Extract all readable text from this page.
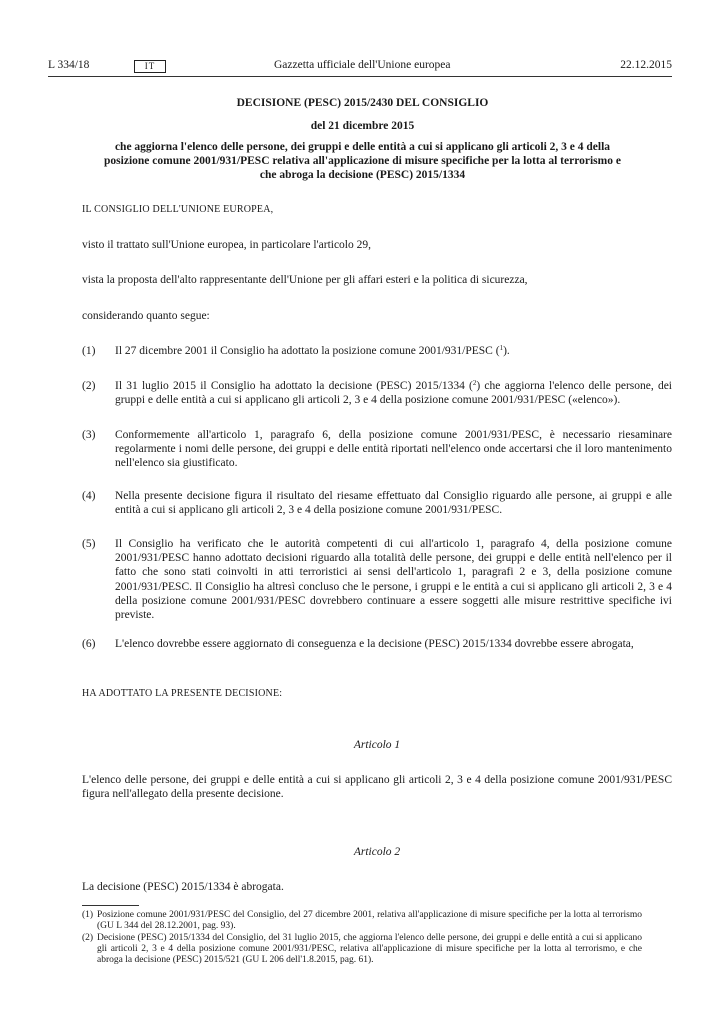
L 334/18	IT	Gazzetta ufficiale dell'Unione europea	22.12.2015
DECISIONE (PESC) 2015/2430 DEL CONSIGLIO
del 21 dicembre 2015
che aggiorna l'elenco delle persone, dei gruppi e delle entità a cui si applicano gli articoli 2, 3 e 4 della posizione comune 2001/931/PESC relativa all'applicazione di misure specifiche per la lotta al terrorismo e che abroga la decisione (PESC) 2015/1334
IL CONSIGLIO DELL'UNIONE EUROPEA,
visto il trattato sull'Unione europea, in particolare l'articolo 29,
vista la proposta dell'alto rappresentante dell'Unione per gli affari esteri e la politica di sicurezza,
considerando quanto segue:
(1) Il 27 dicembre 2001 il Consiglio ha adottato la posizione comune 2001/931/PESC ($^1$).
(2) Il 31 luglio 2015 il Consiglio ha adottato la decisione (PESC) 2015/1334 ($^2$) che aggiorna l'elenco delle persone, dei gruppi e delle entità a cui si applicano gli articoli 2, 3 e 4 della posizione comune 2001/931/PESC («elenco»).
(3) Conformemente all'articolo 1, paragrafo 6, della posizione comune 2001/931/PESC, è necessario riesaminare regolarmente i nomi delle persone, dei gruppi e delle entità riportati nell'elenco onde accertarsi che il loro mantenimento nell'elenco sia giustificato.
(4) Nella presente decisione figura il risultato del riesame effettuato dal Consiglio riguardo alle persone, ai gruppi e alle entità a cui si applicano gli articoli 2, 3 e 4 della posizione comune 2001/931/PESC.
(5) Il Consiglio ha verificato che le autorità competenti di cui all'articolo 1, paragrafo 4, della posizione comune 2001/931/PESC hanno adottato decisioni riguardo alla totalità delle persone, dei gruppi e delle entità nell'elenco per il fatto che sono stati coinvolti in atti terroristici ai sensi dell'articolo 1, paragrafi 2 e 3, della posizione comune 2001/931/PESC. Il Consiglio ha altresì concluso che le persone, i gruppi e le entità a cui si applicano gli articoli 2, 3 e 4 della posizione comune 2001/931/PESC dovrebbero continuare a essere soggetti alle misure restrittive specifiche ivi previste.
(6) L'elenco dovrebbe essere aggiornato di conseguenza e la decisione (PESC) 2015/1334 dovrebbe essere abrogata,
HA ADOTTATO LA PRESENTE DECISIONE:
Articolo 1
L'elenco delle persone, dei gruppi e delle entità a cui si applicano gli articoli 2, 3 e 4 della posizione comune 2001/931/PESC figura nell'allegato della presente decisione.
Articolo 2
La decisione (PESC) 2015/1334 è abrogata.
(1) Posizione comune 2001/931/PESC del Consiglio, del 27 dicembre 2001, relativa all'applicazione di misure specifiche per la lotta al terrorismo (GU L 344 del 28.12.2001, pag. 93).
(2) Decisione (PESC) 2015/1334 del Consiglio, del 31 luglio 2015, che aggiorna l'elenco delle persone, dei gruppi e delle entità a cui si applicano gli articoli 2, 3 e 4 della posizione comune 2001/931/PESC, relativa all'applicazione di misure specifiche per la lotta al terrorismo, e che abroga la decisione (PESC) 2015/521 (GU L 206 dell'1.8.2015, pag. 61).
